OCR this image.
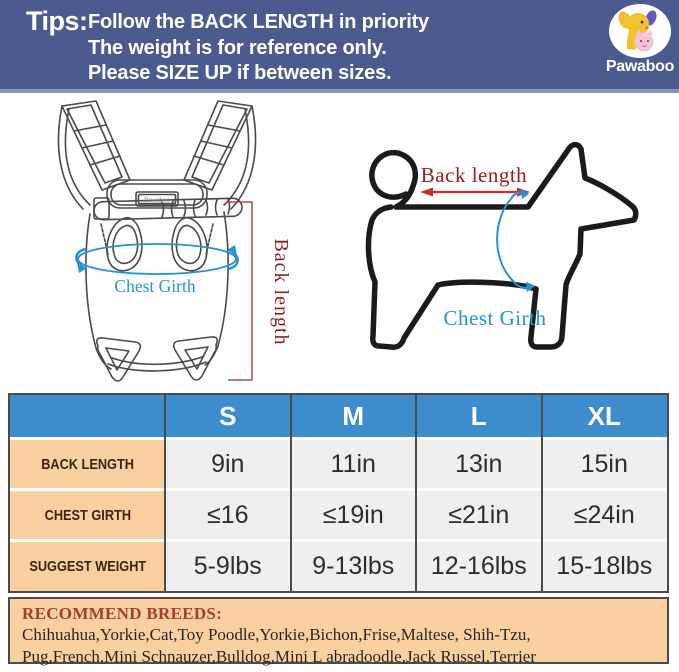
Tips: Follow the BACK LENGTH in priority
The weight is for reference only.
Please SIZE UP if between sizes.	Pawaboo
Pawaboo
Chest Girth	Back length
Back length
Chest Girth
S	M	L	XL
BACK LENGTH	9in	11in	13in	15in
CHEST GIRTH	≤16	≤19in	≤21in	≤24in
SUGGEST WEIGHT	5-9lbs	9-13lbs	12-16lbs	15-18lbs
RECOMMEND BREEDS:
Chihuahua,Yorkie,Cat,Toy Poodle,Yorkie,Bichon,Frise,Maltese, Shih-Tzu,
Pug,French,Mini Schnauzer,Bulldog,Mini L abradoodle,Jack Russel,Terrier
